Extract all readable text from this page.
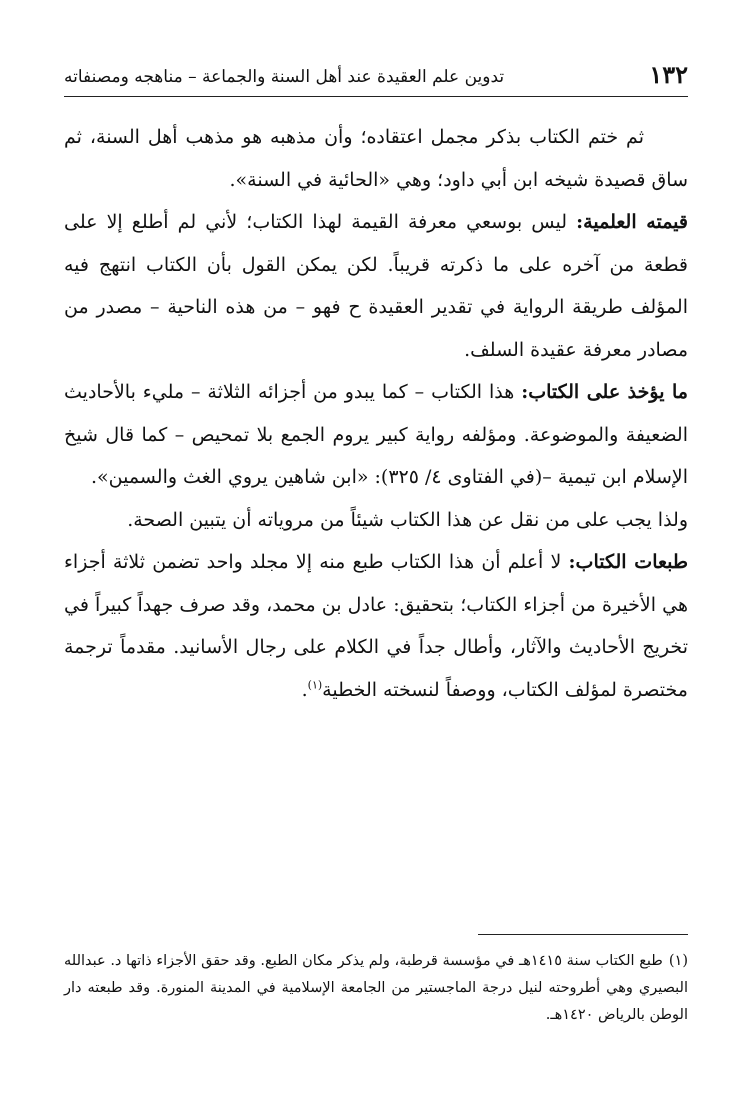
١٣٢
تدوين علم العقيدة عند أهل السنة والجماعة – مناهجه ومصنفاته

ثم ختم الكتاب بذكر مجمل اعتقاده؛ وأن مذهبه هو مذهب أهل السنة، ثم ساق قصيدة شيخه ابن أبي داود؛ وهي «الحائية في السنة».

قيمته العلمية: ليس بوسعي معرفة القيمة لهذا الكتاب؛ لأني لم أطلع إلا على قطعة من آخره على ما ذكرته قريباً. لكن يمكن القول بأن الكتاب انتهج فيه المؤلف طريقة الرواية في تقدير العقيدة ح فهو – من هذه الناحية – مصدر من مصادر معرفة عقيدة السلف.

ما يؤخذ على الكتاب: هذا الكتاب – كما يبدو من أجزائه الثلاثة – مليء بالأحاديث الضعيفة والموضوعة. ومؤلفه رواية كبير يروم الجمع بلا تمحيص – كما قال شيخ الإسلام ابن تيمية –(في الفتاوى ٤/ ٣٢٥): «ابن شاهين يروي الغث والسمين».

ولذا يجب على من نقل عن هذا الكتاب شيئاً من مروياته أن يتبين الصحة.

طبعات الكتاب: لا أعلم أن هذا الكتاب طبع منه إلا مجلد واحد تضمن ثلاثة أجزاء هي الأخيرة من أجزاء الكتاب؛ بتحقيق: عادل بن محمد، وقد صرف جهداً كبيراً في تخريج الأحاديث والآثار، وأطال جداً في الكلام على رجال الأسانيد. مقدماً ترجمة مختصرة لمؤلف الكتاب، ووصفاً لنسخته الخطية$^{(١)}$.

(١)طبع الكتاب سنة ١٤١٥هـ في مؤسسة قرطبة، ولم يذكر مكان الطبع. وقد حقق الأجزاء ذاتها د. عبدالله البصيري وهي أطروحته لنيل درجة الماجستير من الجامعة الإسلامية في المدينة المنورة. وقد طبعته دار الوطن بالرياض ١٤٢٠هـ.
